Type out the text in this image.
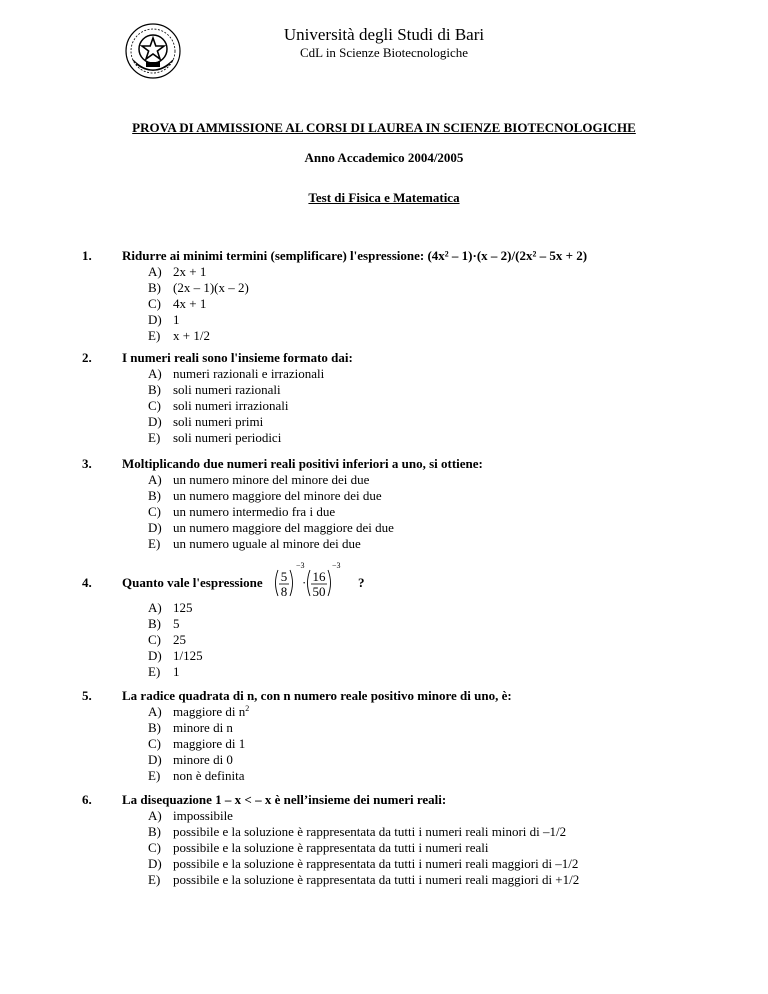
Università degli Studi di Bari
CdL in Scienze Biotecnologiche
PROVA DI AMMISSIONE AL CORSI DI LAUREA IN SCIENZE BIOTECNOLOGICHE
Anno Accademico 2004/2005
Test di Fisica e Matematica
1. Ridurre ai minimi termini (semplificare) l'espressione: (4x² – 1)·(x – 2)/(2x² – 5x + 2)
A) 2x + 1
B) (2x – 1)(x – 2)
C) 4x + 1
D) 1
E) x + 1/2
2. I numeri reali sono l'insieme formato dai:
A) numeri razionali e irrazionali
B) soli numeri razionali
C) soli numeri irrazionali
D) soli numeri primi
E) soli numeri periodici
3. Moltiplicando due numeri reali positivi inferiori a uno, si ottiene:
A) un numero minore del minore dei due
B) un numero maggiore del minore dei due
C) un numero intermedio fra i due
D) un numero maggiore del maggiore dei due
E) un numero uguale al minore dei due
4. Quanto vale l'espressione 5
8
−3
· 16
50
−3
?
A) 125
B) 5
C) 25
D) 1/125
E) 1
5. La radice quadrata di n, con n numero reale positivo minore di uno, è:
A) maggiore di $n^2$
B) minore di n
C) maggiore di 1
D) minore di 0
E) non è definita
6. La disequazione 1 – x < – x è nell’insieme dei numeri reali:
A) impossibile
B) possibile e la soluzione è rappresentata da tutti i numeri reali minori di –1/2
C) possibile e la soluzione è rappresentata da tutti i numeri reali
D) possibile e la soluzione è rappresentata da tutti i numeri reali maggiori di –1/2
E) possibile e la soluzione è rappresentata da tutti i numeri reali maggiori di +1/2
